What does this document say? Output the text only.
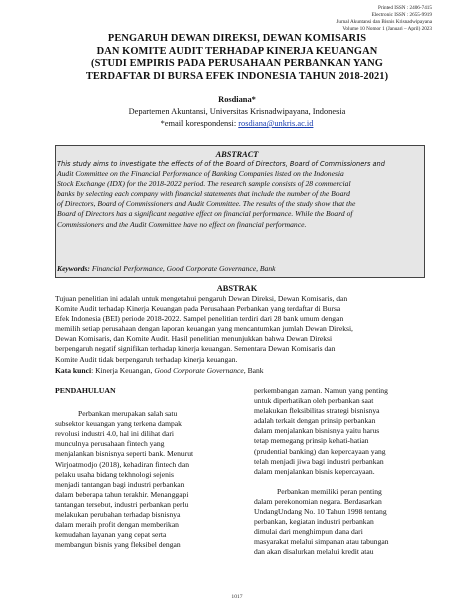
Printed ISSN : 2406-7415
Electronic ISSN : 2655-9919
Jurnal Akuntansi dan Bisnis Krisnadwipayana
Volume 10 Nomor 1 (Januari – April) 2023
PENGARUH DEWAN DIREKSI, DEWAN KOMISARIS
DAN KOMITE AUDIT TERHADAP KINERJA KEUANGAN
(STUDI EMPIRIS PADA PERUSAHAAN PERBANKAN YANG
TERDAFTAR DI BURSA EFEK INDONESIA TAHUN 2018-2021)
Rosdiana*
Departemen Akuntansi, Universitas Krisnadwipayana, Indonesia
*email korespondensi: rosdiana@unkris.ac.id
ABSTRACT
This study aims to investigate the effects of of the Board of Directors, Board of Commissioners and
Audit Committee on the Financial Performance of Banking Companies listed on the Indonesia
Stock Exchange (IDX) for the 2018-2022 period. The research sample consists of 28 commercial
banks by selecting each company with financial statements that include the number of the Board
of Directors, Board of Commissioners and Audit Committee. The results of the study show that the
Board of Directors has a significant negative effect on financial performance. While the Board of
Commissioners and the Audit Committee have no effect on financial performance.
Keywords: Financial Performance, Good Corporate Governance, Bank
ABSTRAK
Tujuan penelitian ini adalah untuk mengetahui pengaruh Dewan Direksi, Dewan Komisaris, dan
Komite Audit terhadap Kinerja Keuangan pada Perusahaan Perbankan yang terdaftar di Bursa
Efek Indonesia (BEI) periode 2018-2022. Sampel penelitian terdiri dari 28 bank umum dengan
memilih setiap perusahaan dengan laporan keuangan yang mencantumkan jumlah Dewan Direksi,
Dewan Komisaris, dan Komite Audit. Hasil penelitian menunjukkan bahwa Dewan Direksi
berpengaruh negatif signifikan terhadap kinerja keuangan. Sementara Dewan Komisaris dan
Komite Audit tidak berpengaruh terhadap kinerja keuangan.
Kata kunci: Kinerja Keuangan, Good Corporate Governance, Bank
PENDAHULUAN
Perbankan merupakan salah satu
subsektor keuangan yang terkena dampak
revolusi industri 4.0, hal ini dilihat dari
munculnya perusahaan fintech yang
menjalankan bisnisnya seperti bank. Menurut
Wirjoatmodjo (2018), kehadiran fintech dan
pelaku usaha bidang tekhnologi sejenis
menjadi tantangan bagi industri perbankan
dalam beberapa tahun terakhir. Menanggapi
tantangan tersebut, industri perbankan perlu
melakukan perubahan terhadap bisnisnya
dalam meraih profit dengan memberikan
kemudahan layanan yang cepat serta
membangun bisnis yang fleksibel dengan
perkembangan zaman. Namun yang penting
untuk diperhatikan oleh perbankan saat
melakukan fleksibilitas strategi bisnisnya
adalah terkait dengan prinsip perbankan
dalam menjalankan bisnisnya yaitu harus
tetap memegang prinsip kehati-hatian
(prudential banking) dan kepercayaan yang
telah menjadi jiwa bagi industri perbankan
dalam menjalankan bisnis kepercayaan.
Perbankan memiliki peran penting
dalam perekonomian negara. Berdasarkan
UndangUndang No. 10 Tahun 1998 tentang
perbankan, kegiatan industri perbankan
dimulai dari menghimpun dana dari
masyarakat melalui simpanan atau tabungan
dan akan disalurkan melalui kredit atau
1017
